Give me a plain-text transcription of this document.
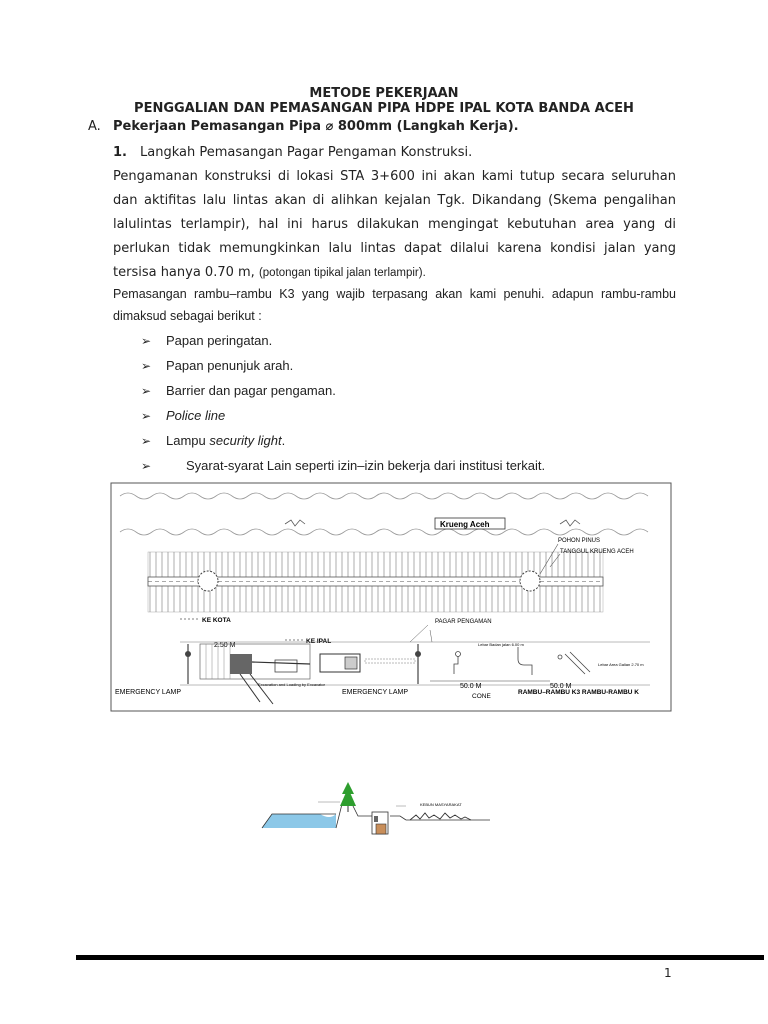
METODE PEKERJAAN
PENGGALIAN DAN PEMASANGAN PIPA HDPE IPAL KOTA BANDA ACEH
A. Pekerjaan Pemasangan Pipa ⌀ 800mm (Langkah Kerja).
1. Langkah Pemasangan Pagar Pengaman Konstruksi.
Pengamanan konstruksi di lokasi STA 3+600 ini akan kami tutup secara seluruhan dan aktifitas lalu lintas akan di alihkan kejalan Tgk. Dikandang (Skema pengalihan lalulintas terlampir), hal ini harus dilakukan mengingat kebutuhan area yang di perlukan tidak memungkinkan lalu lintas dapat dilalui karena kondisi jalan yang tersisa hanya 0.70 m, (potongan tipikal jalan terlampir).
Pemasangan rambu–rambu K3 yang wajib terpasang akan kami penuhi. adapun rambu-rambu dimaksud sebagai berikut :
➢ Papan peringatan.
➢ Papan penunjuk arah.
➢ Barrier dan pagar pengaman.
➢ Police line
➢ Lampu security light.
➢	Syarat-syarat Lain seperti izin–izin bekerja dari institusi terkait.
Krueng Aceh
POHON PINUS
TANGGUL KRUENG ACEH
KE KOTA
2.50 M
KE IPAL
PAGAR PENGAMAN
Lebar Badan jalan 6.00 m
Lebar Area Galian 2.70 m
EMERGENCY LAMP
Excavation and Loading by Excavator
EMERGENCY LAMP
50.0 M	50.0 M
CONE
RAMBU–RAMBU K3 RAMBU-RAMBU K
KEBUN MASYARAKAT
1
